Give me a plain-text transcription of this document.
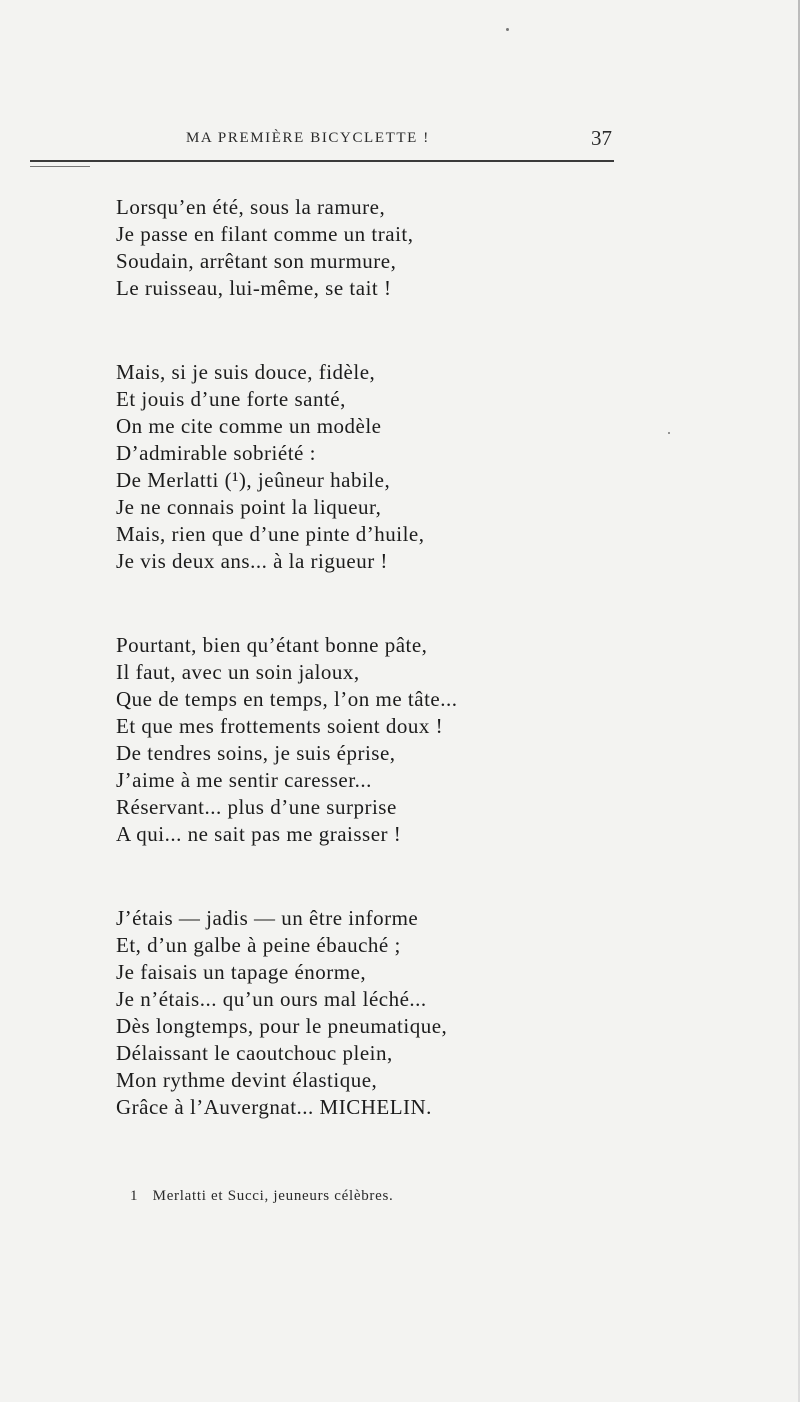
MA PREMIÈRE BICYCLETTE !	37
Lorsqu’en été, sous la ramure,
Je passe en filant comme un trait,
Soudain, arrêtant son murmure,
Le ruisseau, lui-même, se tait !
Mais, si je suis douce, fidèle,
Et jouis d’une forte santé,
On me cite comme un modèle
D’admirable sobriété :
De Merlatti (¹), jeûneur habile,
Je ne connais point la liqueur,
Mais, rien que d’une pinte d’huile,
Je vis deux ans... à la rigueur !
Pourtant, bien qu’étant bonne pâte,
Il faut, avec un soin jaloux,
Que de temps en temps, l’on me tâte...
Et que mes frottements soient doux !
De tendres soins, je suis éprise,
J’aime à me sentir caresser...
Réservant... plus d’une surprise
A qui... ne sait pas me graisser !
J’étais — jadis — un être informe
Et, d’un galbe à peine ébauché ;
Je faisais un tapage énorme,
Je n’étais... qu’un ours mal léché...
Dès longtemps, pour le pneumatique,
Délaissant le caoutchouc plein,
Mon rythme devint élastique,
Grâce à l’Auvergnat... MICHELIN.
1 Merlatti et Succi, jeuneurs célèbres.
